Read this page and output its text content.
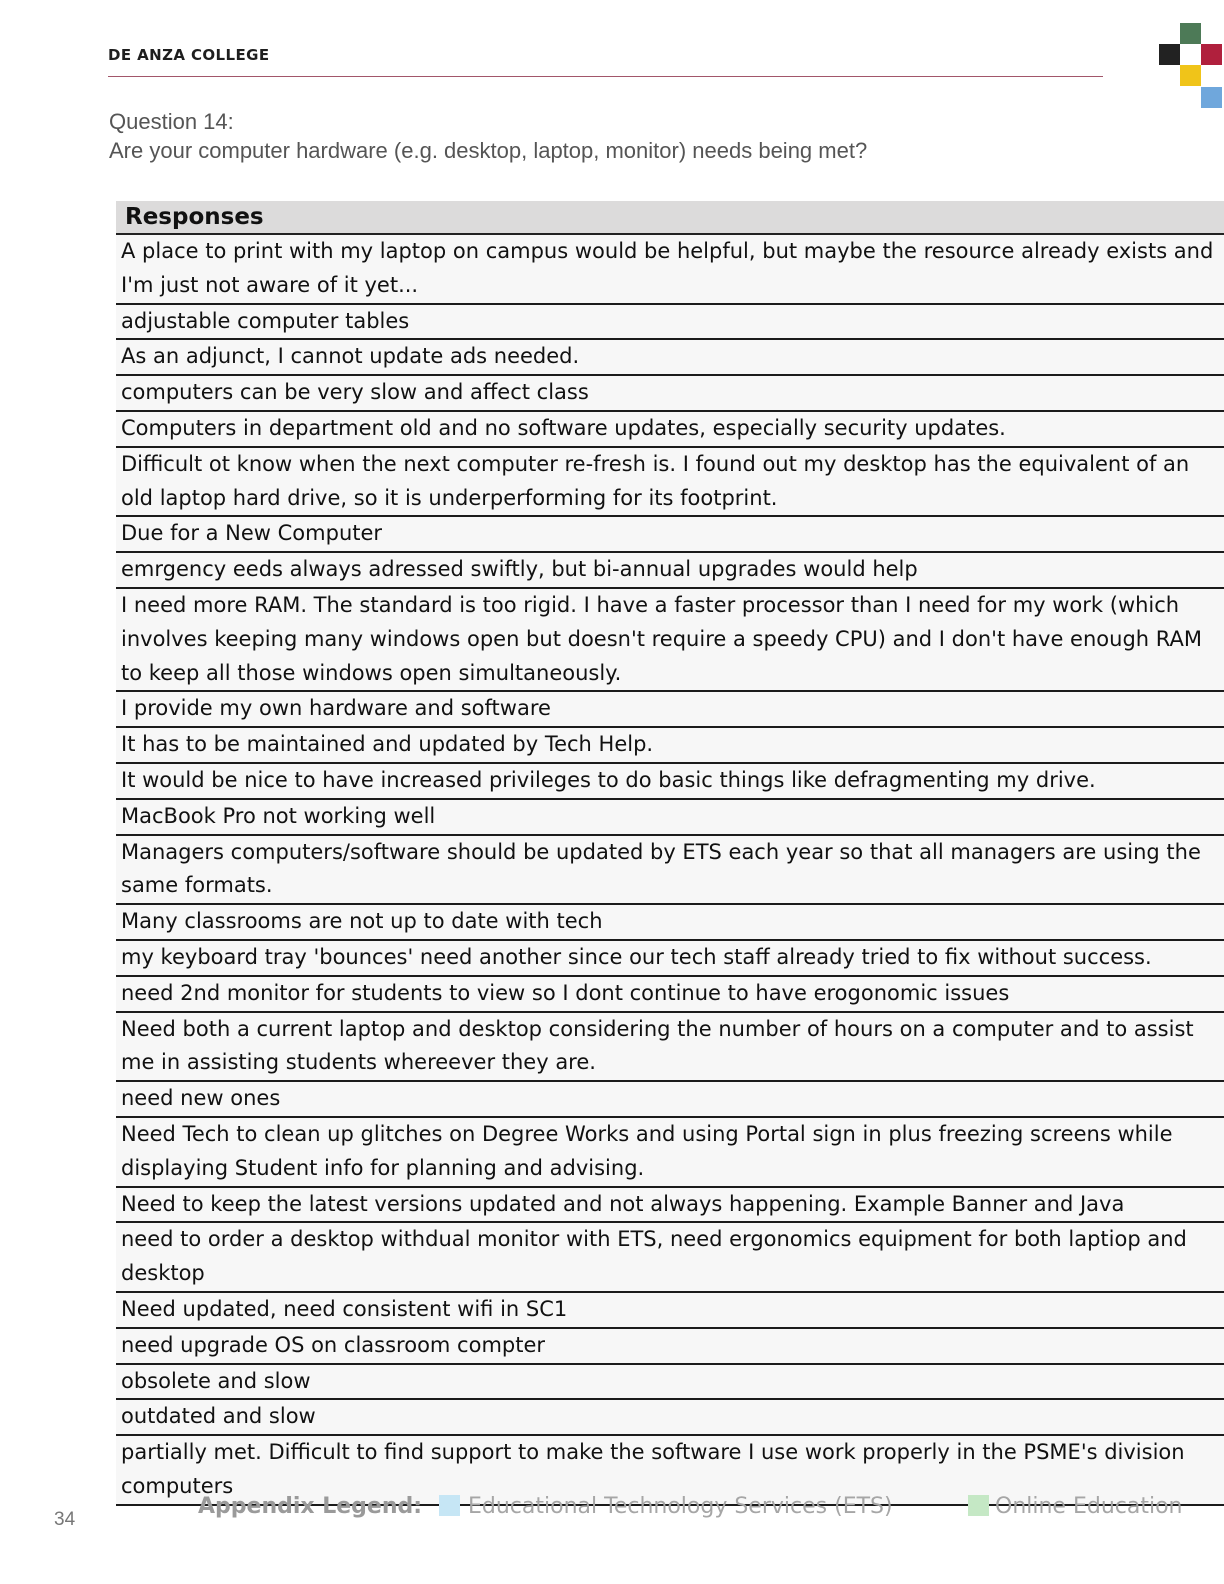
DE ANZA COLLEGE
Question 14:
Are your computer hardware (e.g. desktop, laptop, monitor) needs being met?
Responses
A place to print with my laptop on campus would be helpful, but maybe the resource already exists and
I'm just not aware of it yet...
adjustable computer tables
As an adjunct, I cannot update ads needed.
computers can be very slow and affect class
Computers in department old and no software updates, especially security updates.
Difficult ot know when the next computer re-fresh is. I found out my desktop has the equivalent of an
old laptop hard drive, so it is underperforming for its footprint.
Due for a New Computer
emrgency eeds always adressed swiftly, but bi-annual upgrades would help
I need more RAM. The standard is too rigid. I have a faster processor than I need for my work (which
involves keeping many windows open but doesn't require a speedy CPU) and I don't have enough RAM
to keep all those windows open simultaneously.
I provide my own hardware and software
It has to be maintained and updated by Tech Help.
It would be nice to have increased privileges to do basic things like defragmenting my drive.
MacBook Pro not working well
Managers computers/software should be updated by ETS each year so that all managers are using the
same formats.
Many classrooms are not up to date with tech
my keyboard tray 'bounces' need another since our tech staff already tried to fix without success.
need 2nd monitor for students to view so I dont continue to have erogonomic issues
Need both a current laptop and desktop considering the number of hours on a computer and to assist
me in assisting students whereever they are.
need new ones
Need Tech to clean up glitches on Degree Works and using Portal sign in plus freezing screens while
displaying Student info for planning and advising.
Need to keep the latest versions updated and not always happening. Example Banner and Java
need to order a desktop withdual monitor with ETS, need ergonomics equipment for both laptiop and
desktop
Need updated, need consistent wifi in SC1
need upgrade OS on classroom compter
obsolete and slow
outdated and slow
partially met. Difficult to find support to make the software I use work properly in the PSME's division
computers
34
Appendix Legend: Educational Technology Services (ETS)	Online Education
